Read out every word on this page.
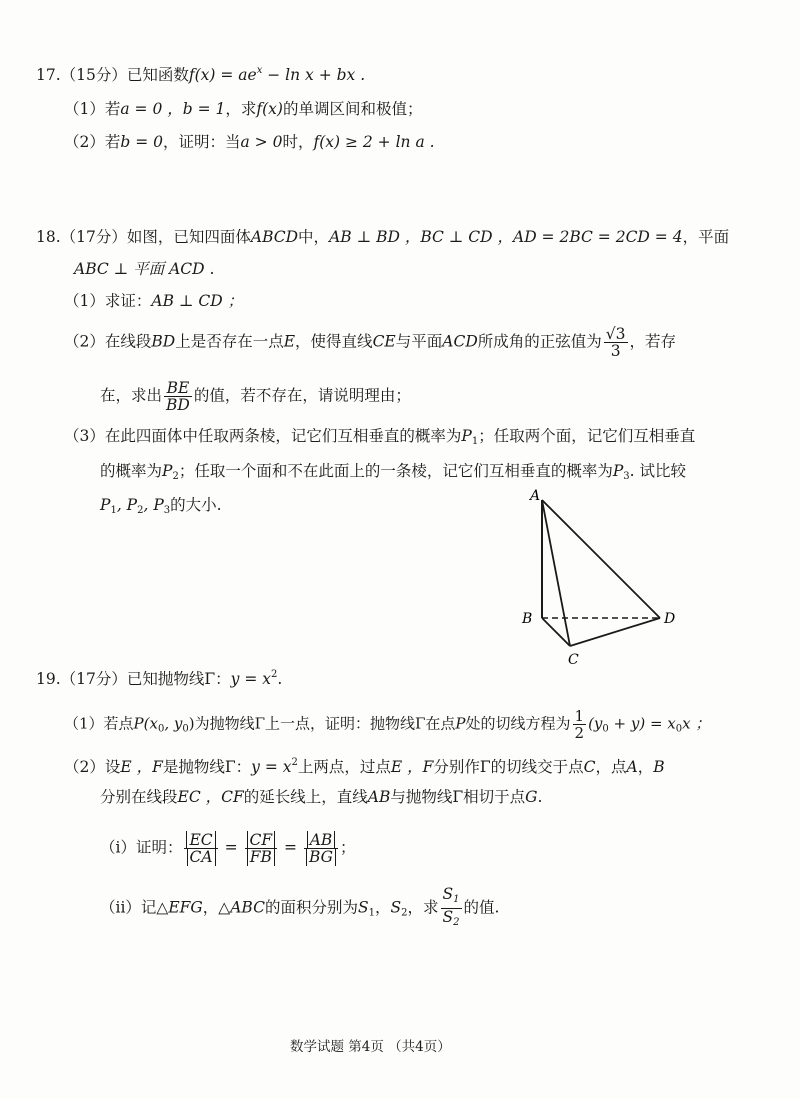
17.（15分）已知函数$f(x) = ae^x - \ln x$ + bx .
（1）若a = 0 ，b = 1，求f(x)的单调区间和极值；
（2）若b = 0，证明：当a > 0时，f(x) ≥ 2 + ln a .
18.（17分）如图，已知四面体ABCD中，AB ⊥ BD ，BC ⊥ CD ，AD = 2BC = 2CD = 4，平面
ABC ⊥ 平面 ACD .
（1）求证：AB ⊥ CD ；
（2）在线段BD上是否存在一点E，使得直线CE与平面ACD所成角的正弦值为 $\frac{√3}{3}$ ，若存
在，求出 $\frac{BE}{BD}$ 的值，若不存在，请说明理由；
（3）在此四面体中任取两条棱，记它们互相垂直的概率为$P_1$；任取两个面，记它们互相垂直
的概率为$P_2$；任取一个面和不在此面上的一条棱，记它们互相垂直的概率为$P_3$. 试比较
$P_1$, $P_2$, $P_3$的大小.	A
B
C
D
19.（17分）已知抛物线Γ：$y = x^2$.
（1）若点$P(x_0$, $y_0$)为抛物线Γ上一点，证明：抛物线Γ在点P处的切线方程为 $\frac{1}{2} (y_0 + y) = x_0x$ ；
（2）设E ，F是抛物线Γ：$y = x^2$上两点，过点E ，F分别作Γ的切线交于点C，点A，B
分别在线段EC ，CF的延长线上，直线AB与抛物线Γ相切于点G.
（i）证明： $\frac{EC}{CA} = \frac{CF}{FB} = \frac{AB}{BG}$ ；
（ii）记△EFG，△ABC的面积分别为$S_1$，$S_2$，求 $\frac{S_1}{S_2}$ 的值.
数学试题 第4页 （共4页）
